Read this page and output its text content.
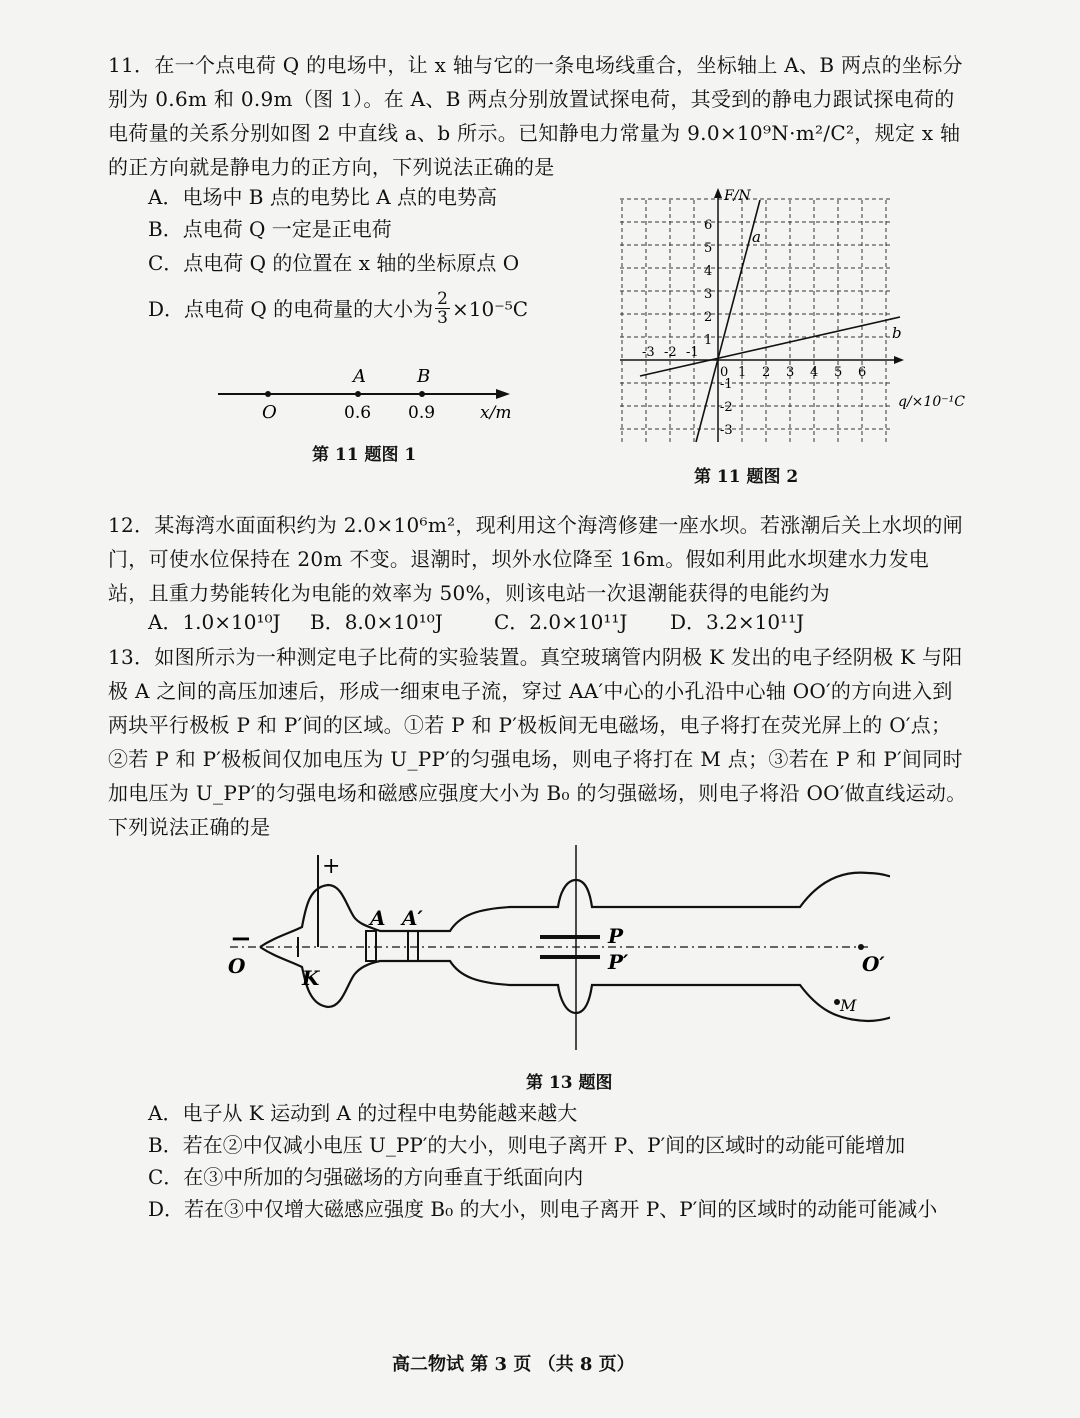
11．在一个点电荷 Q 的电场中，让 x 轴与它的一条电场线重合，坐标轴上 A、B 两点的坐标分别为 0.6m 和 0.9m（图 1）。在 A、B 两点分别放置试探电荷，其受到的静电力跟试探电荷的电荷量的关系分别如图 2 中直线 a、b 所示。已知静电力常量为 9.0×10⁹N·m²/C²，规定 x 轴的正方向就是静电力的正方向，下列说法正确的是
A．电场中 B 点的电势比 A 点的电势高
B．点电荷 Q 一定是正电荷
C．点电荷 Q 的位置在 x 轴的坐标原点 O
D．点电荷 Q 的电荷量的大小为 $\frac{2}{3} \times 10^{-5}C$
O
A	B
0.6 0.9	x/m
第 11 题图 1
F/N
q/×10⁻¹C
0
-3 -2 -1
1 2 3 4 5 6
-1
-2
-3
1
2
3
4
5
6
a
b
第 11 题图 2
12．某海湾水面面积约为 2.0×10⁶m²，现利用这个海湾修建一座水坝。若涨潮后关上水坝的闸门，可使水位保持在 20m 不变。退潮时，坝外水位降至 16m。假如利用此水坝建水力发电站，且重力势能转化为电能的效率为 50%，则该电站一次退潮能获得的电能约为
A．1.0×10¹⁰J	B．8.0×10¹⁰J	C．2.0×10¹¹J	D．3.2×10¹¹J
13．如图所示为一种测定电子比荷的实验装置。真空玻璃管内阴极 K 发出的电子经阴极 K 与阳极 A 之间的高压加速后，形成一细束电子流，穿过 AA′中心的小孔沿中心轴 OO′的方向进入到两块平行极板 P 和 P′间的区域。①若 P 和 P′极板间无电磁场，电子将打在荧光屏上的 O′点；②若 P 和 P′极板间仅加电压为 U_PP′的匀强电场，则电子将打在 M 点；③若在 P 和 P′间同时加电压为 U_PP′的匀强电场和磁感应强度大小为 B₀ 的匀强磁场，则电子将沿 OO′做直线运动。下列说法正确的是
+
−
O	K
A A′
P
P′	O′
M
第 13 题图
A．电子从 K 运动到 A 的过程中电势能越来越大
B．若在②中仅减小电压 U_PP′的大小，则电子离开 P、P′间的区域时的动能可能增加
C．在③中所加的匀强磁场的方向垂直于纸面向内
D．若在③中仅增大磁感应强度 B₀ 的大小，则电子离开 P、P′间的区域时的动能可能减小
高二物试 第 3 页 （共 8 页）
